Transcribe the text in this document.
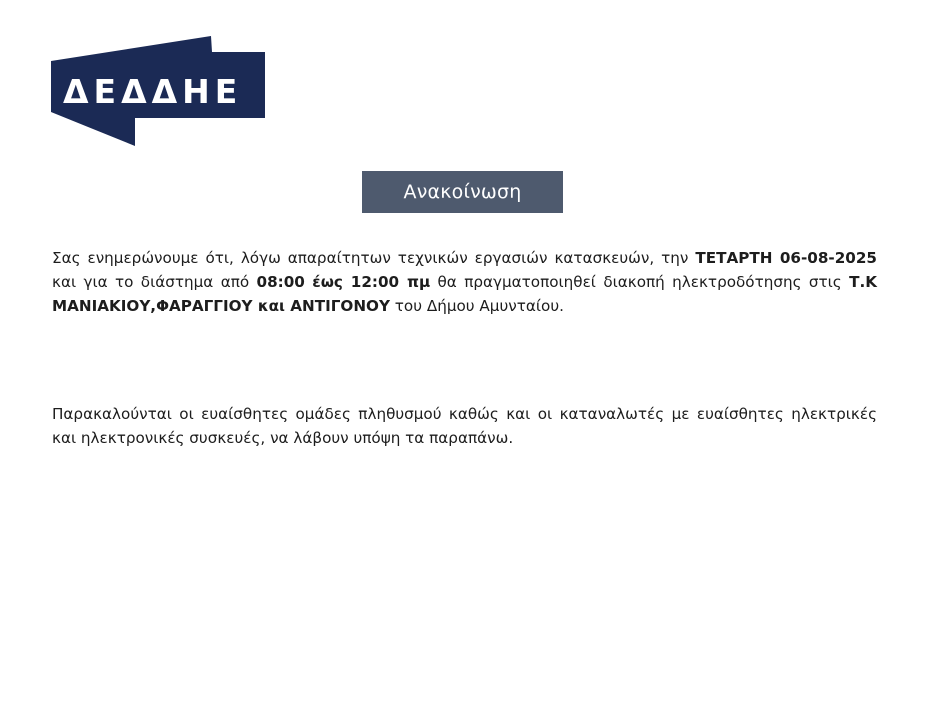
ΔΕΔΔΗΕ
Ανακοίνωση

Σας ενημερώνουμε ότι, λόγω απαραίτητων τεχνικών εργασιών κατασκευών, την ΤΕΤΑΡΤΗ 06-08-2025 και για το διάστημα από 08:00 έως 12:00 πμ θα πραγματοποιηθεί διακοπή ηλεκτροδότησης στις Τ.Κ ΜΑΝΙΑΚΙΟΥ,ΦΑΡΑΓΓΙΟΥ και ΑΝΤΙΓΟΝΟΥ του Δήμου Αμυνταίου.

Παρακαλούνται οι ευαίσθητες ομάδες πληθυσμού καθώς και οι καταναλωτές με ευαίσθητες ηλεκτρικές και ηλεκτρονικές συσκευές, να λάβουν υπόψη τα παραπάνω.
